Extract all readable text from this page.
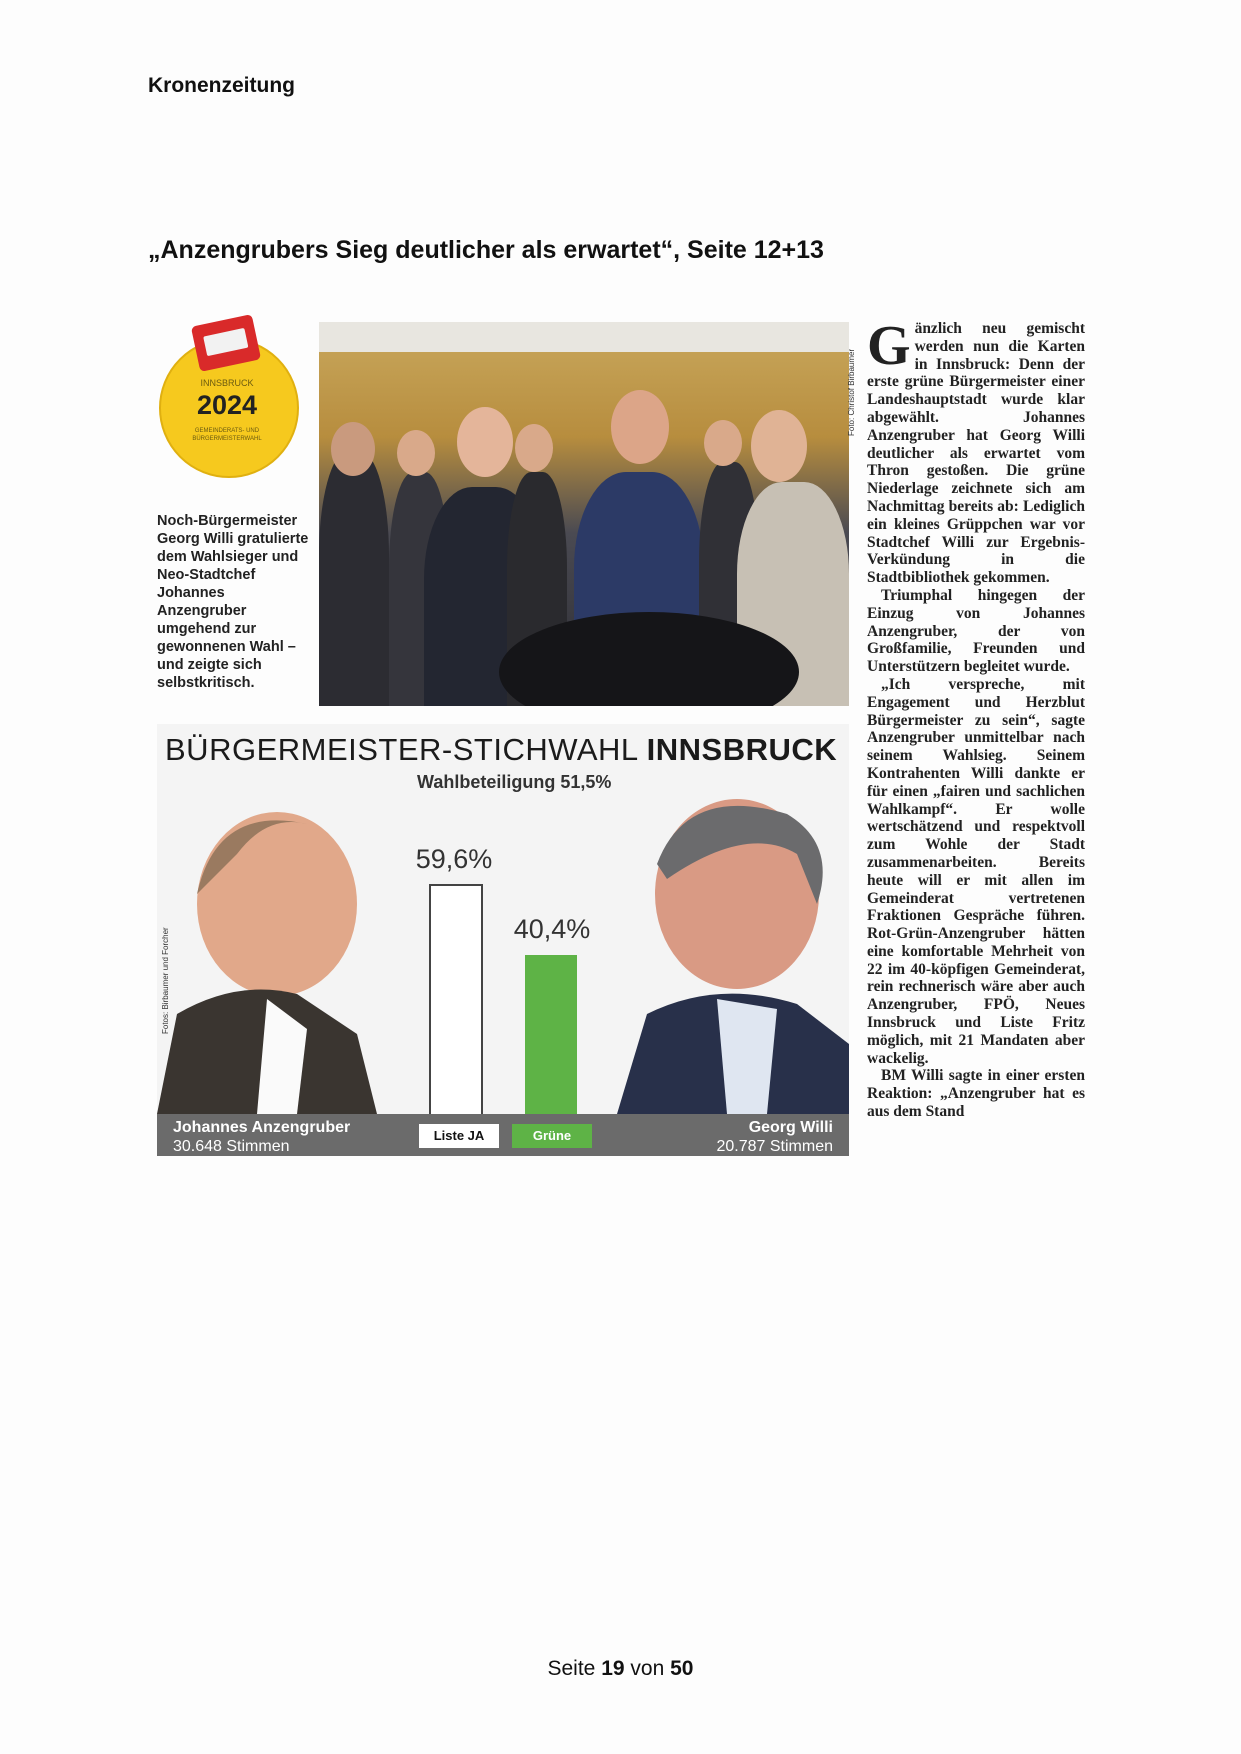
Kronenzeitung
„Anzengrubers Sieg deutlicher als erwartet“, Seite 12+13
INNSBRUCK
2024
GEMEINDERATS- UND
BÜRGERMEISTERWAHL
Noch-Bürgermeister Georg Willi gratulierte dem Wahlsieger und Neo-Stadtchef Johannes Anzengruber umgehend zur gewonnenen Wahl – und zeigte sich selbstkritisch.
Foto: Christof Birbaumer
BÜRGERMEISTER-STICHWAHL INNSBRUCK
Wahlbeteiligung 51,5%
Fotos: Birbaumer und Forcher
59,6%
40,4%
Johannes Anzengruber
30.648 Stimmen
Liste JA	Grüne	Georg Willi
20.787 Stimmen

Gänzlich neu gemischt werden nun die Karten in Innsbruck: Denn der erste grüne Bürgermeister einer Landeshauptstadt wurde klar abgewählt. Johannes Anzengruber hat Georg Willi deutlicher als erwartet vom Thron gestoßen. Die grüne Niederlage zeichnete sich am Nachmittag bereits ab: Lediglich ein kleines Grüppchen war vor Stadtchef Willi zur Ergebnis-Verkündung in die Stadtbibliothek gekommen.

Triumphal hingegen der Einzug von Johannes Anzengruber, der von Großfamilie, Freunden und Unterstützern begleitet wurde.

„Ich verspreche, mit Engagement und Herzblut Bürgermeister zu sein“, sagte Anzengruber unmittelbar nach seinem Wahlsieg. Seinem Kontrahenten Willi dankte er für einen „fairen und sachlichen Wahlkampf“. Er wolle wertschätzend und respektvoll zum Wohle der Stadt zusammenarbeiten. Bereits heute will er mit allen im Gemeinderat vertretenen Fraktionen Gespräche führen. Rot-Grün-Anzengruber hätten eine komfortable Mehrheit von 22 im 40-köpfigen Gemeinderat, rein rechnerisch wäre aber auch Anzengruber, FPÖ, Neues Innsbruck und Liste Fritz möglich, mit 21 Mandaten aber wackelig.

BM Willi sagte in einer ersten Reaktion: „Anzengruber hat es aus dem Stand

Seite 19 von 50
